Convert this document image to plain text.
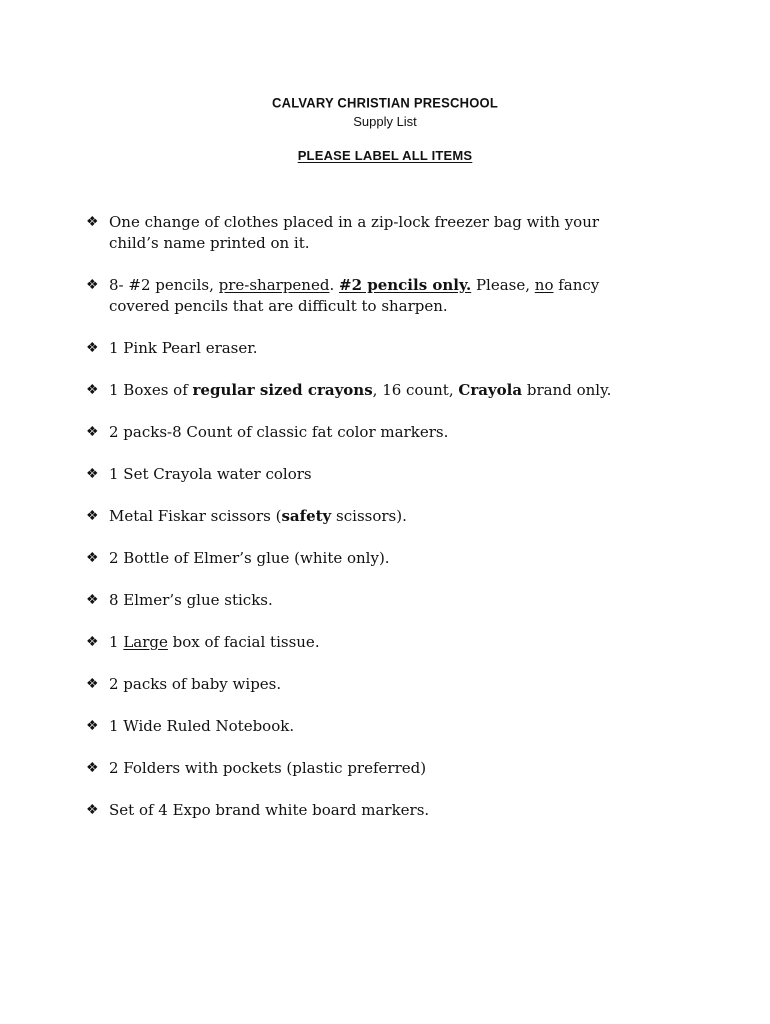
CALVARY CHRISTIAN PRESCHOOL
Supply List
PLEASE LABEL ALL ITEMS
❖ One change of clothes placed in a zip-lock freezer bag with your child’s name printed on it.
❖ 8- #2 pencils, pre-sharpened. #2 pencils only. Please, no fancy covered pencils that are difficult to sharpen.
❖ 1 Pink Pearl eraser.
❖ 1 Boxes of regular sized crayons, 16 count, Crayola brand only.
❖ 2 packs-8 Count of classic fat color markers.
❖ 1 Set Crayola water colors
❖ Metal Fiskar scissors (safety scissors).
❖ 2 Bottle of Elmer’s glue (white only).
❖ 8 Elmer’s glue sticks.
❖ 1 Large box of facial tissue.
❖ 2 packs of baby wipes.
❖ 1 Wide Ruled Notebook.
❖ 2 Folders with pockets (plastic preferred)
❖ Set of 4 Expo brand white board markers.
